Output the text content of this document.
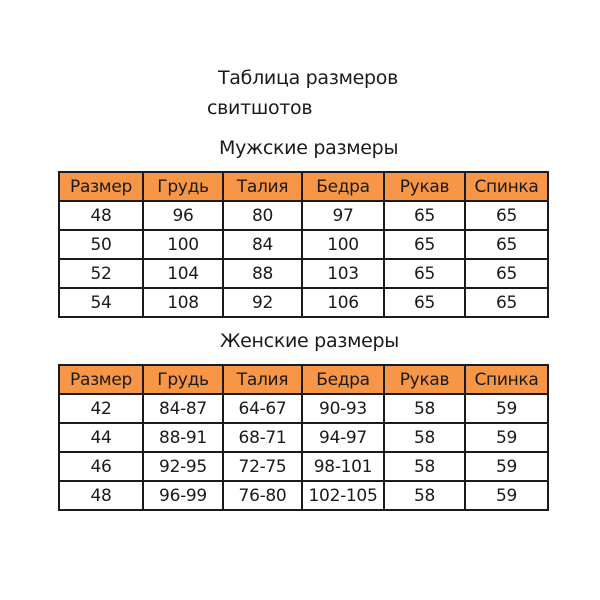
Таблица размеров
свитшотов
Мужские размеры
Размер	Грудь	Талия	Бедра	Рукав	Спинка
48	96	80	97	65	65
50	100	84	100	65	65
52	104	88	103	65	65
54	108	92	106	65	65
Женские размеры
Размер	Грудь	Талия	Бедра	Рукав	Спинка
42	84-87	64-67	90-93	58	59
44	88-91	68-71	94-97	58	59
46	92-95	72-75	98-101	58	59
48	96-99	76-80	102-105	58	59
